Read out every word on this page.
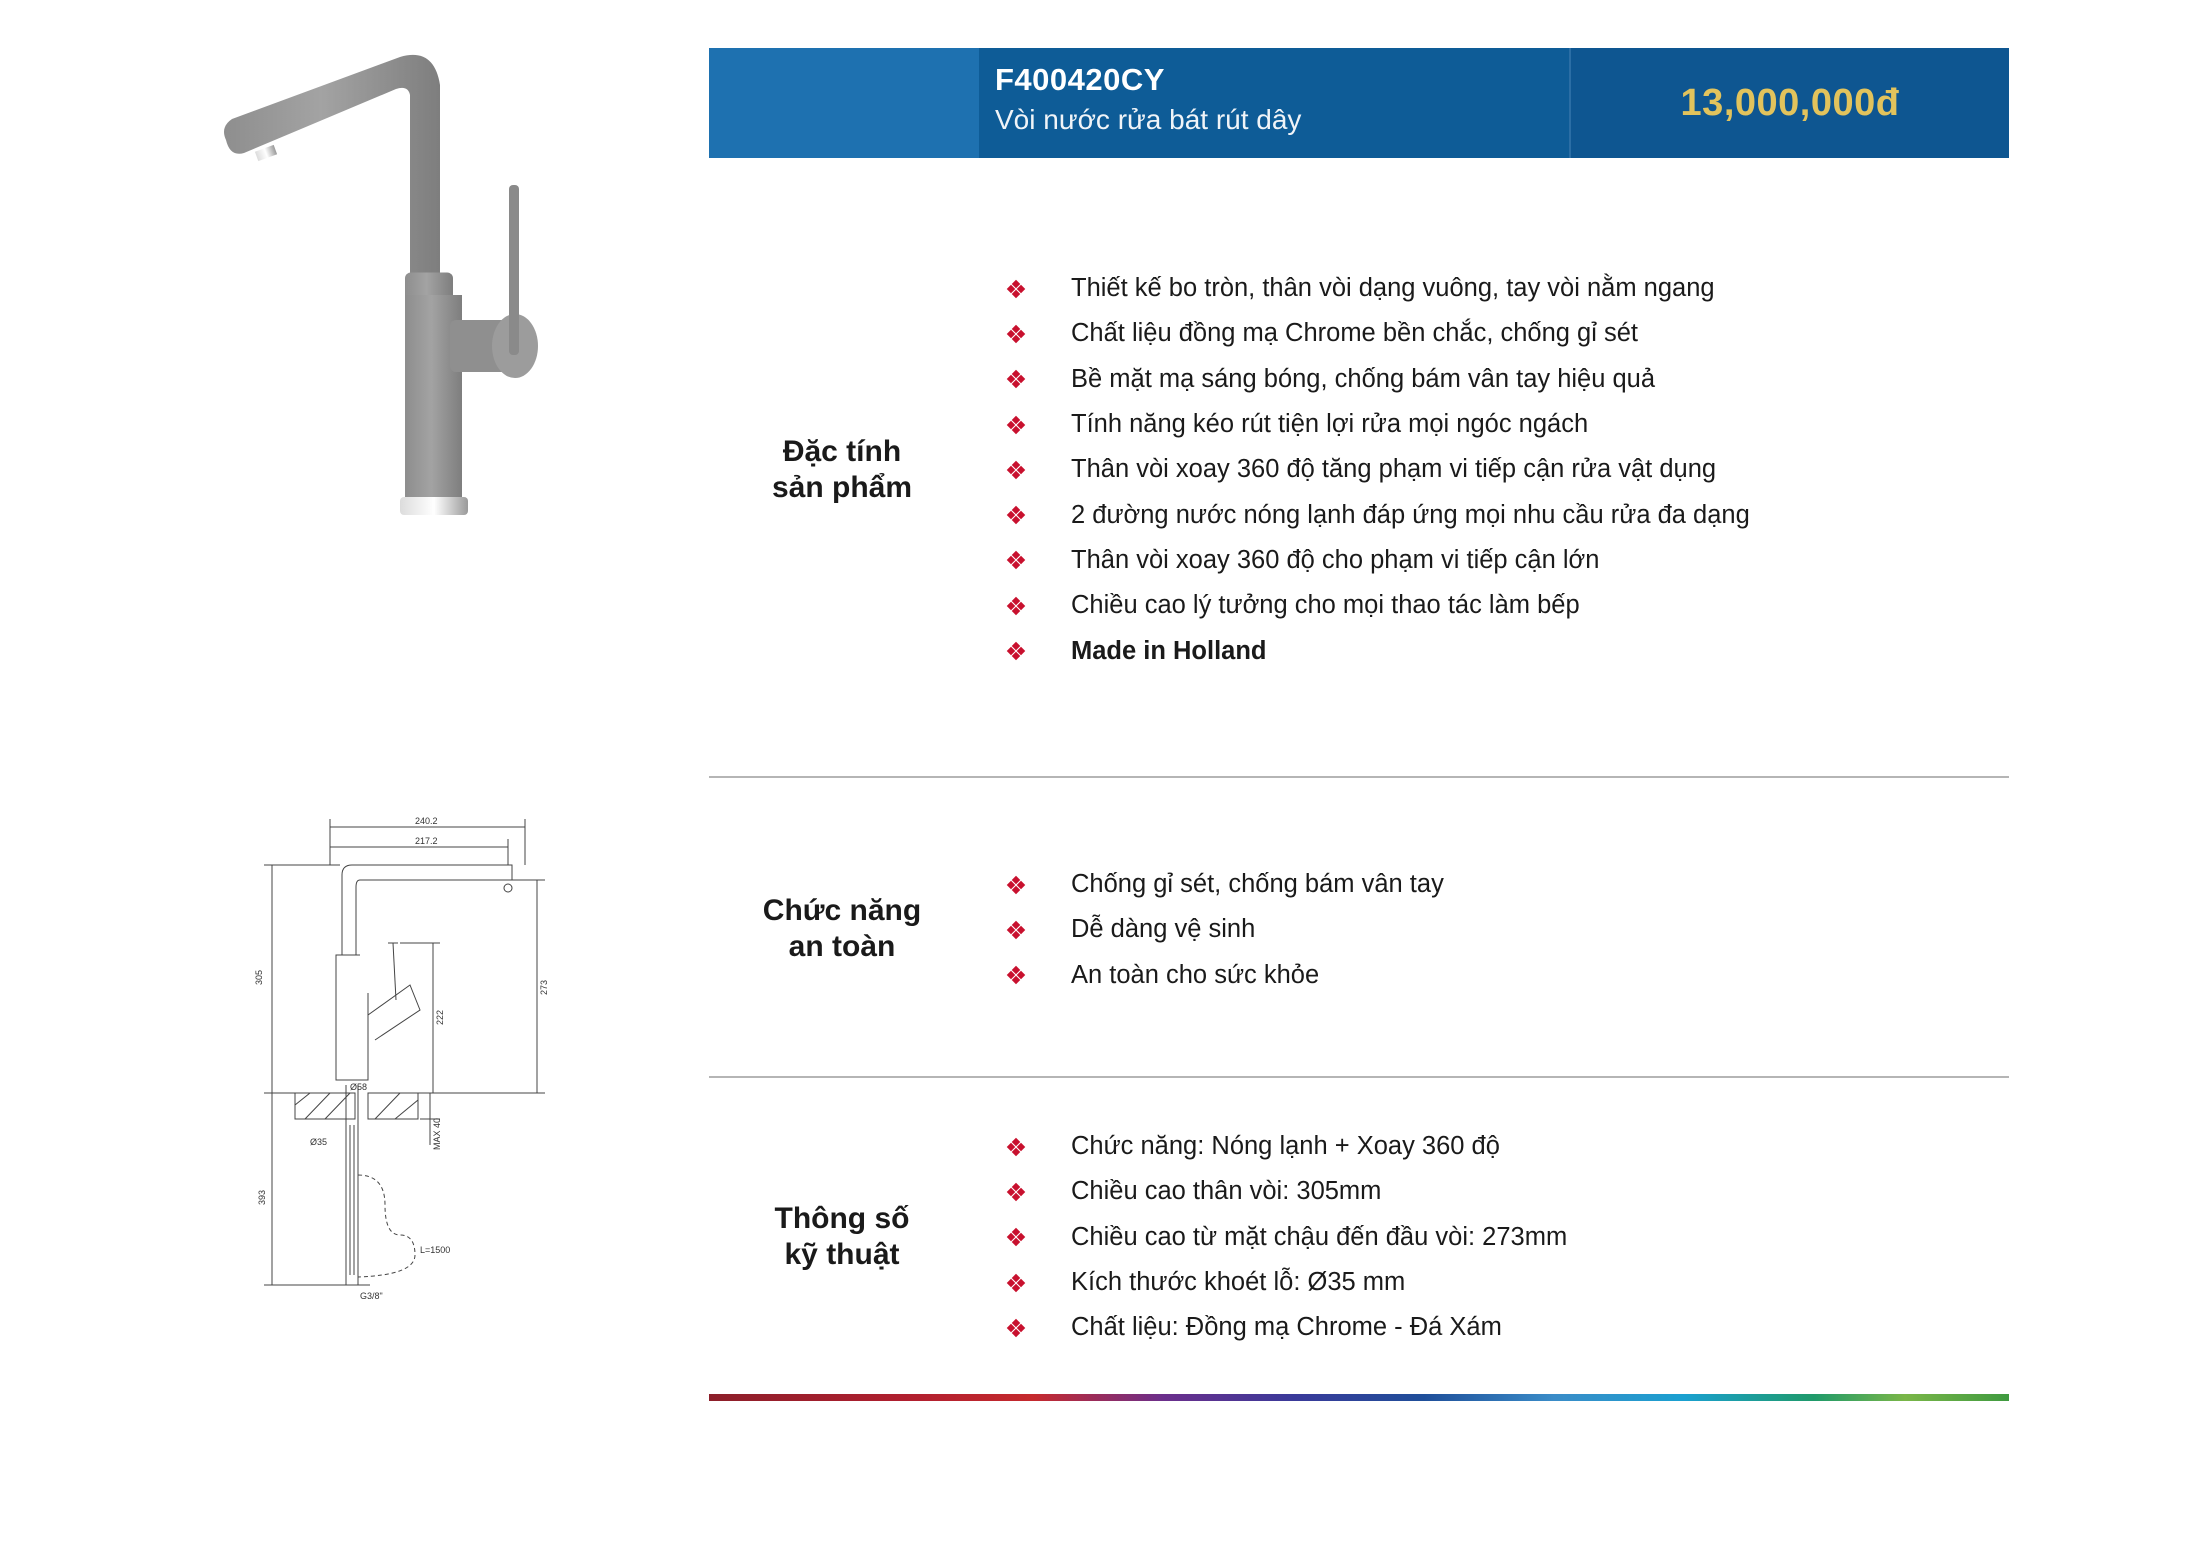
240.2
217.2
305
273
222
Ø58
Ø35	MAX 40
393
L=1500
G3/8"
F400420CY
Vòi nước rửa bát rút dây	13,000,000đ
Đặc tính
sản phẩm
Thiết kế bo tròn, thân vòi dạng vuông, tay vòi nằm ngang
Chất liệu đồng mạ Chrome bền chắc, chống gỉ sét
Bề mặt mạ sáng bóng, chống bám vân tay hiệu quả
Tính năng kéo rút tiện lợi rửa mọi ngóc ngách
Thân vòi xoay 360 độ tăng phạm vi tiếp cận rửa vật dụng
2 đường nước nóng lạnh đáp ứng mọi nhu cầu rửa đa dạng
Thân vòi xoay 360 độ cho phạm vi tiếp cận lớn
Chiều cao lý tưởng cho mọi thao tác làm bếp
Made in Holland
Chức năng
an toàn
Chống gỉ sét, chống bám vân tay
Dễ dàng vệ sinh
An toàn cho sức khỏe
Thông số
kỹ thuật
Chức năng: Nóng lạnh + Xoay 360 độ
Chiều cao thân vòi: 305mm
Chiều cao từ mặt chậu đến đầu vòi: 273mm
Kích thước khoét lỗ: Ø35 mm
Chất liệu: Đồng mạ Chrome - Đá Xám
